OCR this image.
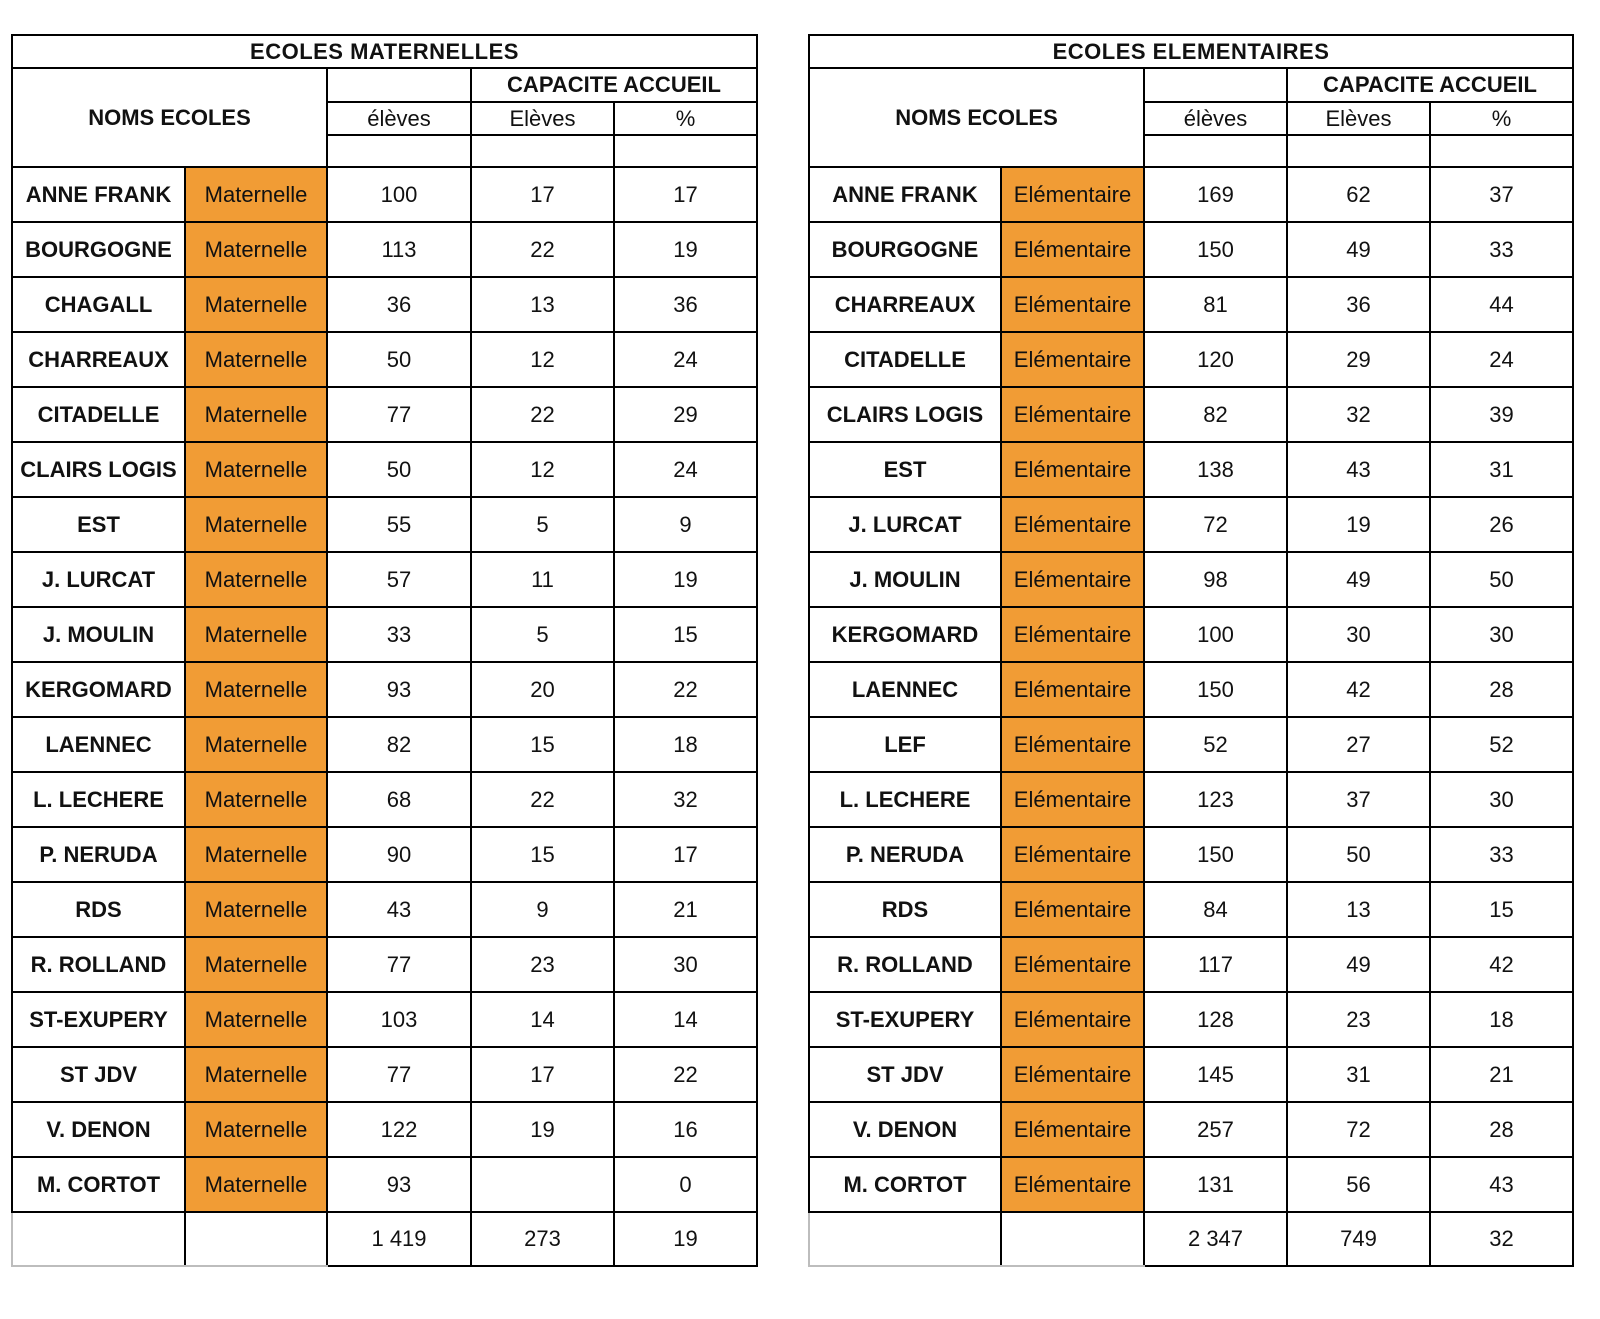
ECOLES MATERNELLES				
NOMS ECOLES			CAPACITE ACCUEIL	
		élèves	Elèves	%

ANNE FRANK	Maternelle	100	17	17
BOURGOGNE	Maternelle	113	22	19
CHAGALL	Maternelle	36	13	36
CHARREAUX	Maternelle	50	12	24
CITADELLE	Maternelle	77	22	29
CLAIRS LOGIS	Maternelle	50	12	24
EST	Maternelle	55	5	9
J. LURCAT	Maternelle	57	11	19
J. MOULIN	Maternelle	33	5	15
KERGOMARD	Maternelle	93	20	22
LAENNEC	Maternelle	82	15	18
L. LECHERE	Maternelle	68	22	32
P. NERUDA	Maternelle	90	15	17
RDS	Maternelle	43	9	21
R. ROLLAND	Maternelle	77	23	30
ST-EXUPERY	Maternelle	103	14	14
ST JDV	Maternelle	77	17	22
V. DENON	Maternelle	122	19	16
M. CORTOT	Maternelle	93		0
		1 419	273	19
ECOLES ELEMENTAIRES				
NOMS ECOLES			CAPACITE ACCUEIL	
		élèves	Elèves	%

ANNE FRANK	Elémentaire	169	62	37
BOURGOGNE	Elémentaire	150	49	33
CHARREAUX	Elémentaire	81	36	44
CITADELLE	Elémentaire	120	29	24
CLAIRS LOGIS	Elémentaire	82	32	39
EST	Elémentaire	138	43	31
J. LURCAT	Elémentaire	72	19	26
J. MOULIN	Elémentaire	98	49	50
KERGOMARD	Elémentaire	100	30	30
LAENNEC	Elémentaire	150	42	28
LEF	Elémentaire	52	27	52
L. LECHERE	Elémentaire	123	37	30
P. NERUDA	Elémentaire	150	50	33
RDS	Elémentaire	84	13	15
R. ROLLAND	Elémentaire	117	49	42
ST-EXUPERY	Elémentaire	128	23	18
ST JDV	Elémentaire	145	31	21
V. DENON	Elémentaire	257	72	28
M. CORTOT	Elémentaire	131	56	43
		2 347	749	32
